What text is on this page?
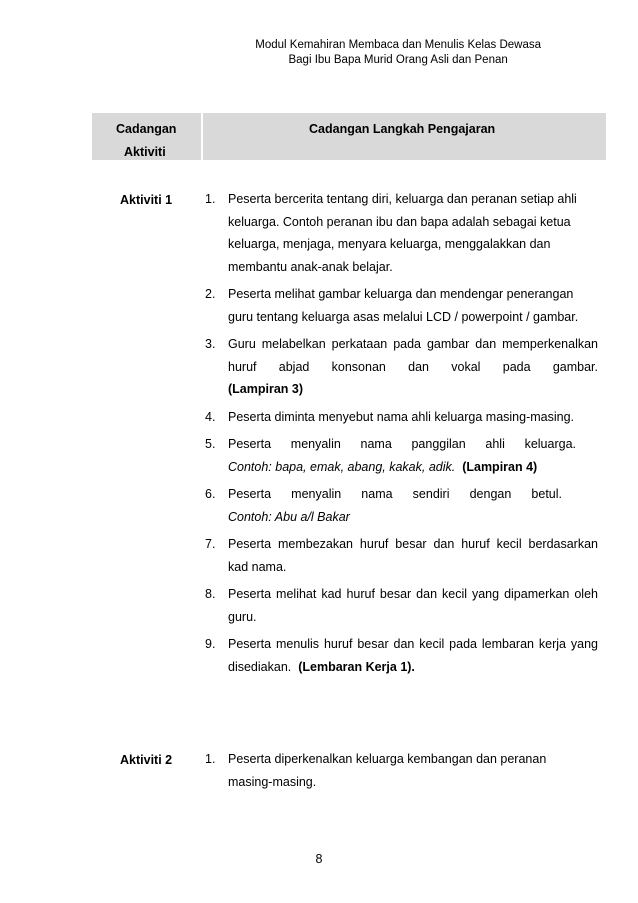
Modul Kemahiran Membaca dan Menulis Kelas Dewasa
Bagi Ibu Bapa Murid Orang Asli dan Penan
Cadangan
Aktiviti
Cadangan Langkah Pengajaran
Aktiviti 1	1. Peserta bercerita tentang diri, keluarga dan peranan setiap ahli
keluarga. Contoh peranan ibu dan bapa adalah sebagai ketua
keluarga, menjaga, menyara keluarga, menggalakkan dan
membantu anak-anak belajar.
2. Peserta melihat gambar keluarga dan mendengar penerangan
guru tentang keluarga asas melalui LCD / powerpoint / gambar.
3. Guru melabelkan perkataan pada gambar dan memperkenalkan
huruf abjad konsonan dan vokal pada gambar.
(Lampiran 3)
4. Peserta diminta menyebut nama ahli keluarga masing-masing.
5. Peserta menyalin nama panggilan ahli keluarga.
Contoh: bapa, emak, abang, kakak, adik. (Lampiran 4)
6. Peserta menyalin nama sendiri dengan betul.
Contoh: Abu a/l Bakar
7. Peserta membezakan huruf besar dan huruf kecil berdasarkan
kad nama.
8. Peserta melihat kad huruf besar dan kecil yang dipamerkan oleh
guru.
9. Peserta menulis huruf besar dan kecil pada lembaran kerja yang
disediakan. (Lembaran Kerja 1).
Aktiviti 2	1. Peserta diperkenalkan keluarga kembangan dan peranan
masing-masing.
8
